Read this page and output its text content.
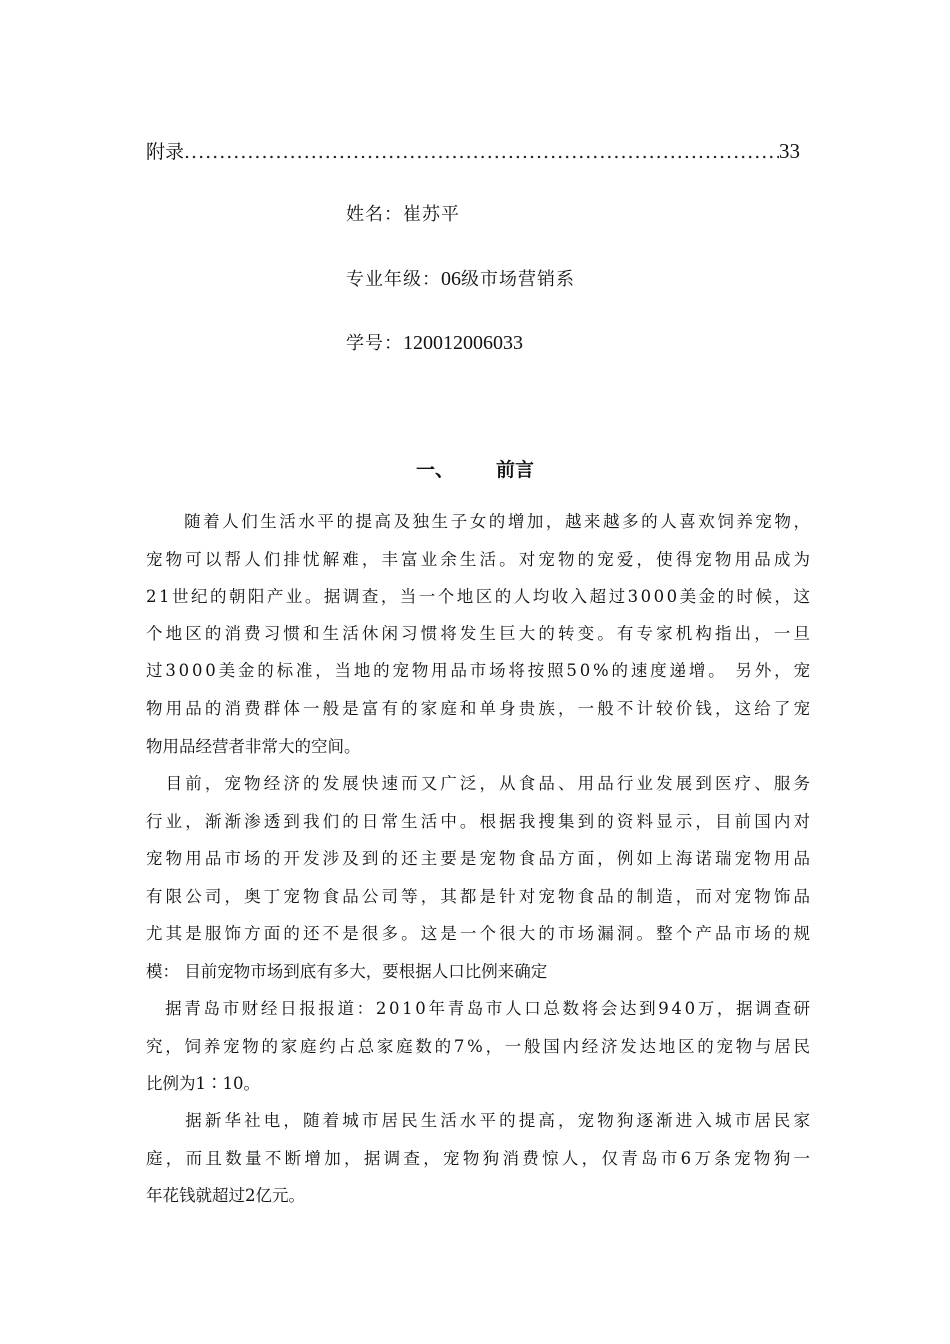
附录
.....	33
姓名：崔苏平
专业年级：06级市场营销系
学号：120012006033
一、 前言
　　随着人们生活水平的提高及独生子女的增加，越来越多的人喜欢饲养宠物，
宠物可以帮人们排忧解难，丰富业余生活。对宠物的宠爱，使得宠物用品成为
21世纪的朝阳产业。据调查，当一个地区的人均收入超过3000美金的时候，这
个地区的消费习惯和生活休闲习惯将发生巨大的转变。有专家机构指出，一旦
过3000美金的标准，当地的宠物用品市场将按照50%的速度递增。 另外，宠
物用品的消费群体一般是富有的家庭和单身贵族，一般不计较价钱，这给了宠
物用品经营者非常大的空间。
　目前，宠物经济的发展快速而又广泛，从食品、用品行业发展到医疗、服务
行业，渐渐渗透到我们的日常生活中。根据我搜集到的资料显示，目前国内对
宠物用品市场的开发涉及到的还主要是宠物食品方面，例如上海诺瑞宠物用品
有限公司，奥丁宠物食品公司等，其都是针对宠物食品的制造，而对宠物饰品
尤其是服饰方面的还不是很多。这是一个很大的市场漏洞。整个产品市场的规
模： 目前宠物市场到底有多大，要根据人口比例来确定
　据青岛市财经日报报道：2010年青岛市人口总数将会达到940万，据调查研
究，饲养宠物的家庭约占总家庭数的7%，一般国内经济发达地区的宠物与居民
比例为1∶10。
　　据新华社电，随着城市居民生活水平的提高，宠物狗逐渐进入城市居民家
庭，而且数量不断增加，据调查，宠物狗消费惊人，仅青岛市6万条宠物狗一
年花钱就超过2亿元。
